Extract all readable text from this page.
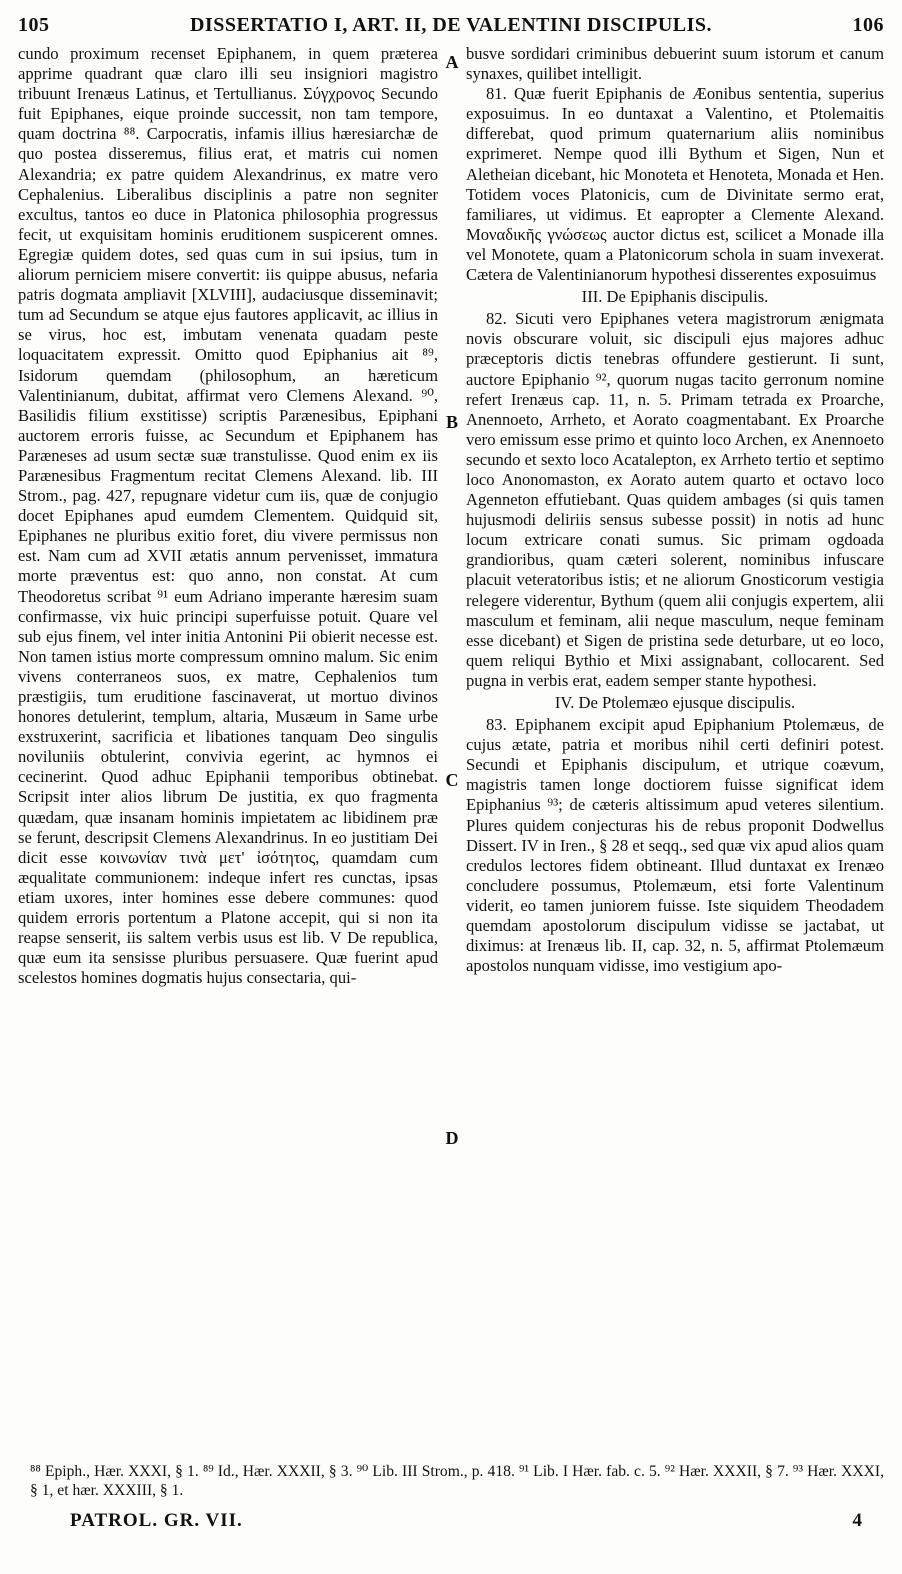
105	DISSERTATIO I, ART. II, DE VALENTINI DISCIPULIS.	106

cundo proximum recenset Epiphanem, in quem præterea apprime quadrant quæ claro illi seu insigniori magistro tribuunt Irenæus Latinus, et Tertullianus. Σύγχρονος Secundo fuit Epiphanes, eique proinde successit, non tam tempore, quam doctrina ⁸⁸. Carpocratis, infamis illius hæresiarchæ de quo postea disseremus, filius erat, et matris cui nomen Alexandria; ex patre quidem Alexandrinus, ex matre vero Cephalenius. Liberalibus disciplinis a patre non segniter excultus, tantos eo duce in Platonica philosophia progressus fecit, ut exquisitam hominis eruditionem suspicerent omnes. Egregiæ quidem dotes, sed quas cum in sui ipsius, tum in aliorum perniciem misere convertit: iis quippe abusus, nefaria patris dogmata ampliavit [XLVIII], audaciusque disseminavit; tum ad Secundum se atque ejus fautores applicavit, ac illius in se virus, hoc est, imbutam venenata quadam peste loquacitatem expressit. Omitto quod Epiphanius ait ⁸⁹, Isidorum quemdam (philosophum, an hæreticum Valentinianum, dubitat, affirmat vero Clemens Alexand. ⁹⁰, Basilidis filium exstitisse) scriptis Parænesibus, Epiphani auctorem erroris fuisse, ac Secundum et Epiphanem has Paræneses ad usum sectæ suæ transtulisse. Quod enim ex iis Parænesibus Fragmentum recitat Clemens Alexand. lib. III Strom., pag. 427, repugnare videtur cum iis, quæ de conjugio docet Epiphanes apud eumdem Clementem. Quidquid sit, Epiphanes ne pluribus exitio foret, diu vivere permissus non est. Nam cum ad XVII ætatis annum pervenisset, immatura morte præventus est: quo anno, non constat. At cum Theodoretus scribat ⁹¹ eum Adriano imperante hæresim suam confirmasse, vix huic principi superfuisse potuit. Quare vel sub ejus finem, vel inter initia Antonini Pii obierit necesse est. Non tamen istius morte compressum omnino malum. Sic enim vivens conterraneos suos, ex matre, Cephalenios tum præstigiis, tum eruditione fascinaverat, ut mortuo divinos honores detulerint, templum, altaria, Musæum in Same urbe exstruxerint, sacrificia et libationes tanquam Deo singulis noviluniis obtulerint, convivia egerint, ac hymnos ei cecinerint. Quod adhuc Epiphanii temporibus obtinebat. Scripsit inter alios librum De justitia, ex quo fragmenta quædam, quæ insanam hominis impietatem ac libidinem præ se ferunt, descripsit Clemens Alexandrinus. In eo justitiam Dei dicit esse κοινωνίαν τινὰ μετ' ἰσότητος, quamdam cum æqualitate communionem: indeque infert res cunctas, ipsas etiam uxores, inter homines esse debere communes: quod quidem erroris portentum a Platone accepit, qui si non ita reapse senserit, iis saltem verbis usus est lib. V De republica, quæ eum ita sensisse pluribus persuasere. Quæ fuerint apud scelestos homines dogmatis hujus consectaria, qui-

A
B
C
D

busve sordidari criminibus debuerint suum istorum et canum synaxes, quilibet intelligit.

81. Quæ fuerit Epiphanis de Æonibus sententia, superius exposuimus. In eo duntaxat a Valentino, et Ptolemaitis differebat, quod primum quaternarium aliis nominibus exprimeret. Nempe quod illi Bythum et Sigen, Nun et Aletheian dicebant, hic Monoteta et Henoteta, Monada et Hen. Totidem voces Platonicis, cum de Divinitate sermo erat, familiares, ut vidimus. Et eapropter a Clemente Alexand. Μοναδικῆς γνώσεως auctor dictus est, scilicet a Monade illa vel Monotete, quam a Platonicorum schola in suam invexerat. Cætera de Valentinianorum hypothesi disserentes exposuimus

III. De Epiphanis discipulis.

82. Sicuti vero Epiphanes vetera magistrorum ænigmata novis obscurare voluit, sic discipuli ejus majores adhuc præceptoris dictis tenebras offundere gestierunt. Ii sunt, auctore Epiphanio ⁹², quorum nugas tacito gerronum nomine refert Irenæus cap. 11, n. 5. Primam tetrada ex Proarche, Anennoeto, Arrheto, et Aorato coagmentabant. Ex Proarche vero emissum esse primo et quinto loco Archen, ex Anennoeto secundo et sexto loco Acatalepton, ex Arrheto tertio et septimo loco Anonomaston, ex Aorato autem quarto et octavo loco Agenneton effutiebant. Quas quidem ambages (si quis tamen hujusmodi deliriis sensus subesse possit) in notis ad hunc locum extricare conati sumus. Sic primam ogdoada grandioribus, quam cæteri solerent, nominibus infuscare placuit veteratoribus istis; et ne aliorum Gnosticorum vestigia relegere viderentur, Bythum (quem alii conjugis expertem, alii masculum et feminam, alii neque masculum, neque feminam esse dicebant) et Sigen de pristina sede deturbare, ut eo loco, quem reliqui Bythio et Mixi assignabant, collocarent. Sed pugna in verbis erat, eadem semper stante hypothesi.

IV. De Ptolemæo ejusque discipulis.

83. Epiphanem excipit apud Epiphanium Ptolemæus, de cujus ætate, patria et moribus nihil certi definiri potest. Secundi et Epiphanis discipulum, et utrique coævum, magistris tamen longe doctiorem fuisse significat idem Epiphanius ⁹³; de cæteris altissimum apud veteres silentium. Plures quidem conjecturas his de rebus proponit Dodwellus Dissert. IV in Iren., § 28 et seqq., sed quæ vix apud alios quam credulos lectores fidem obtineant. Illud duntaxat ex Irenæo concludere possumus, Ptolemæum, etsi forte Valentinum viderit, eo tamen juniorem fuisse. Iste siquidem Theodadem quemdam apostolorum discipulum vidisse se jactabat, ut diximus: at Irenæus lib. II, cap. 32, n. 5, affirmat Ptolemæum apostolos nunquam vidisse, imo vestigium apo-

⁸⁸ Epiph., Hær. XXXI, § 1. ⁸⁹ Id., Hær. XXXII, § 3. ⁹⁰ Lib. III Strom., p. 418. ⁹¹ Lib. I Hær. fab. c. 5. ⁹² Hær. XXXII, § 7. ⁹³ Hær. XXXI, § 1, et hær. XXXIII, § 1.
PATROL. GR. VII.	4
